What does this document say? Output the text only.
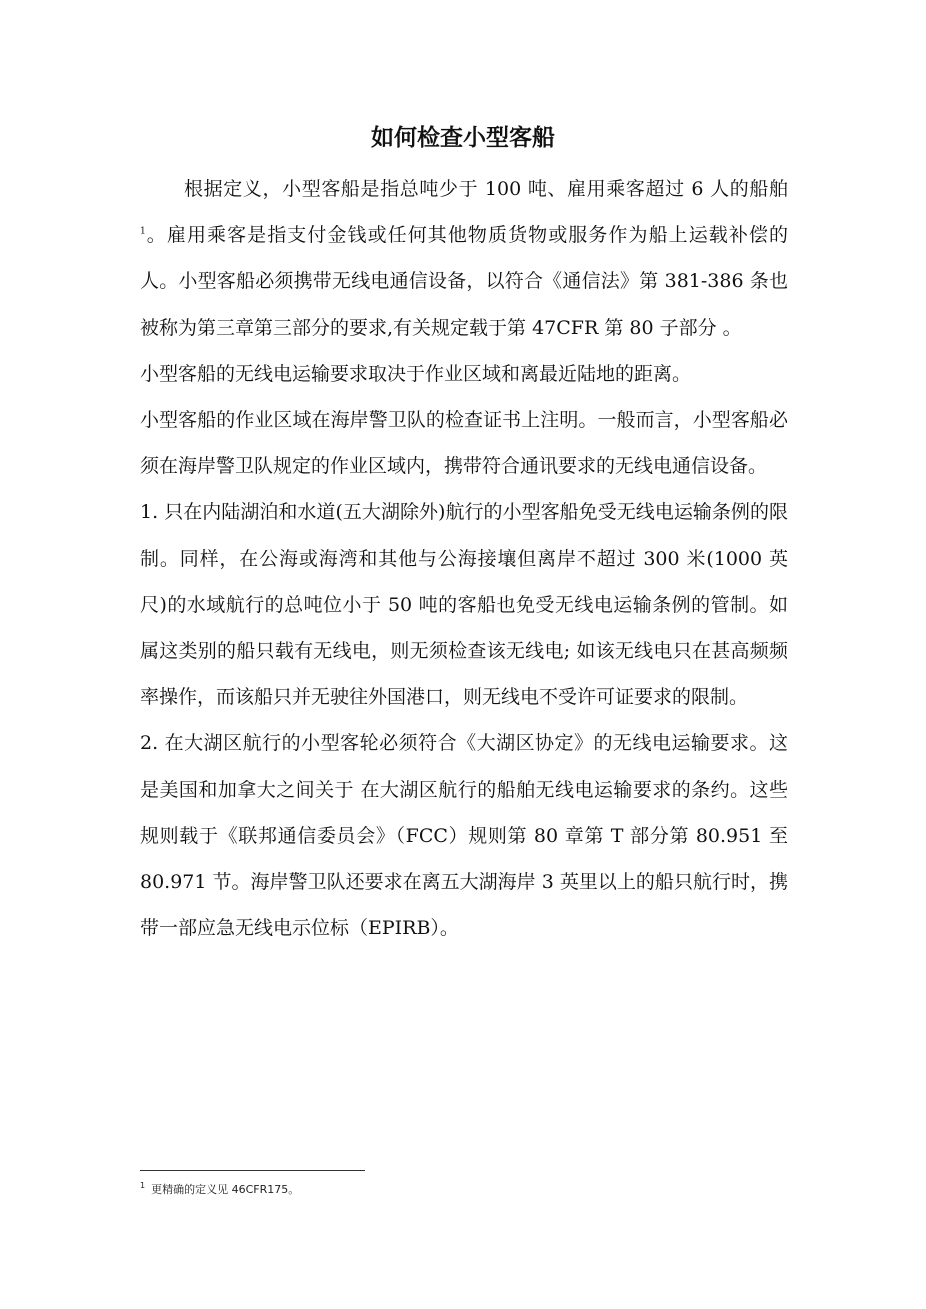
如何检查小型客船

根据定义，小型客船是指总吨少于 100 吨、雇用乘客超过 6 人的船舶$^1$。雇用乘客是指支付金钱或任何其他物质货物或服务作为船上运载补偿的人。小型客船必须携带无线电通信设备，以符合《通信法》第 381-386 条也被称为第三章第三部分的要求,有关规定载于第 47CFR 第 80 子部分 。

小型客船的无线电运输要求取决于作业区域和离最近陆地的距离。

小型客船的作业区域在海岸警卫队的检查证书上注明。一般而言，小型客船必须在海岸警卫队规定的作业区域内，携带符合通讯要求的无线电通信设备。

1. 只在内陆湖泊和水道(五大湖除外)航行的小型客船免受无线电运输条例的限制。同样，在公海或海湾和其他与公海接壤但离岸不超过 300 米(1000 英尺)的水域航行的总吨位小于 50 吨的客船也免受无线电运输条例的管制。如属这类别的船只载有无线电，则无须检查该无线电; 如该无线电只在甚高频频率操作，而该船只并无驶往外国港口，则无线电不受许可证要求的限制。

2. 在大湖区航行的小型客轮必须符合《大湖区协定》的无线电运输要求。这是美国和加拿大之间关于 在大湖区航行的船舶无线电运输要求的条约。这些规则载于《联邦通信委员会》（FCC）规则第 80 章第 T 部分第 80.951 至 80.971 节。海岸警卫队还要求在离五大湖海岸 3 英里以上的船只航行时，携带一部应急无线电示位标（EPIRB）。

$^1$ 更精确的定义见 46CFR175。
